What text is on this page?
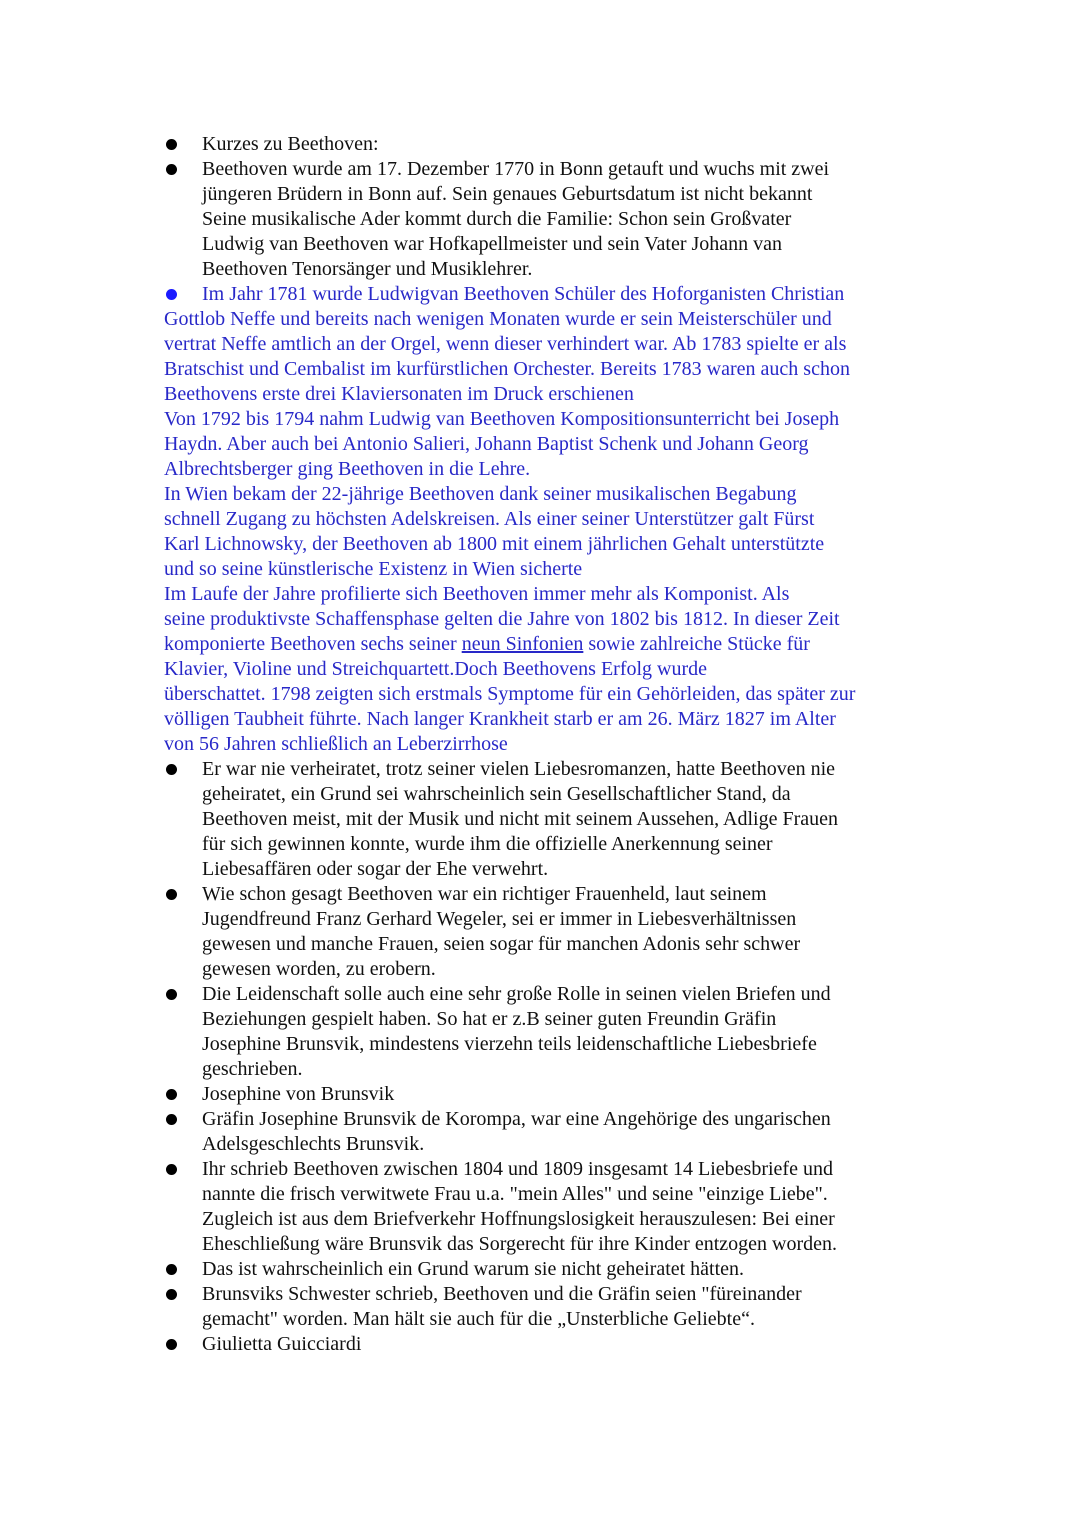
Kurzes zu Beethoven:
Beethoven wurde am 17. Dezember 1770 in Bonn getauft und wuchs mit zwei
jüngeren Brüdern in Bonn auf. Sein genaues Geburtsdatum ist nicht bekannt
Seine musikalische Ader kommt durch die Familie: Schon sein Großvater
Ludwig van Beethoven war Hofkapellmeister und sein Vater Johann van
Beethoven Tenorsänger und Musiklehrer.
Im Jahr 1781 wurde Ludwigvan Beethoven Schüler des Hoforganisten Christian
Gottlob Neffe und bereits nach wenigen Monaten wurde er sein Meisterschüler und
vertrat Neffe amtlich an der Orgel, wenn dieser verhindert war. Ab 1783 spielte er als
Bratschist und Cembalist im kurfürstlichen Orchester. Bereits 1783 waren auch schon
Beethovens erste drei Klaviersonaten im Druck erschienen
Von 1792 bis 1794 nahm Ludwig van Beethoven Kompositionsunterricht bei Joseph
Haydn. Aber auch bei Antonio Salieri, Johann Baptist Schenk und Johann Georg
Albrechtsberger ging Beethoven in die Lehre.
In Wien bekam der 22-jährige Beethoven dank seiner musikalischen Begabung
schnell Zugang zu höchsten Adelskreisen. Als einer seiner Unterstützer galt Fürst
Karl Lichnowsky, der Beethoven ab 1800 mit einem jährlichen Gehalt unterstützte
und so seine künstlerische Existenz in Wien sicherte
Im Laufe der Jahre profilierte sich Beethoven immer mehr als Komponist. Als
seine produktivste Schaffensphase gelten die Jahre von 1802 bis 1812. In dieser Zeit
komponierte Beethoven sechs seiner neun Sinfonien sowie zahlreiche Stücke für
Klavier, Violine und Streichquartett.Doch Beethovens Erfolg wurde
überschattet. 1798 zeigten sich erstmals Symptome für ein Gehörleiden, das später zur
völligen Taubheit führte. Nach langer Krankheit starb er am 26. März 1827 im Alter
von 56 Jahren schließlich an Leberzirrhose
Er war nie verheiratet, trotz seiner vielen Liebesromanzen, hatte Beethoven nie
geheiratet, ein Grund sei wahrscheinlich sein Gesellschaftlicher Stand, da
Beethoven meist, mit der Musik und nicht mit seinem Aussehen, Adlige Frauen
für sich gewinnen konnte, wurde ihm die offizielle Anerkennung seiner
Liebesaffären oder sogar der Ehe verwehrt.
Wie schon gesagt Beethoven war ein richtiger Frauenheld, laut seinem
Jugendfreund Franz Gerhard Wegeler, sei er immer in Liebesverhältnissen
gewesen und manche Frauen, seien sogar für manchen Adonis sehr schwer
gewesen worden, zu erobern.
Die Leidenschaft solle auch eine sehr große Rolle in seinen vielen Briefen und
Beziehungen gespielt haben. So hat er z.B seiner guten Freundin Gräfin
Josephine Brunsvik, mindestens vierzehn teils leidenschaftliche Liebesbriefe
geschrieben.
Josephine von Brunsvik
Gräfin Josephine Brunsvik de Korompa, war eine Angehörige des ungarischen
Adelsgeschlechts Brunsvik.
Ihr schrieb Beethoven zwischen 1804 und 1809 insgesamt 14 Liebesbriefe und
nannte die frisch verwitwete Frau u.a. "mein Alles" und seine "einzige Liebe".
Zugleich ist aus dem Briefverkehr Hoffnungslosigkeit herauszulesen: Bei einer
Eheschließung wäre Brunsvik das Sorgerecht für ihre Kinder entzogen worden.
Das ist wahrscheinlich ein Grund warum sie nicht geheiratet hätten.
Brunsviks Schwester schrieb, Beethoven und die Gräfin seien "füreinander
gemacht" worden. Man hält sie auch für die „Unsterbliche Geliebte“.
Giulietta Guicciardi
